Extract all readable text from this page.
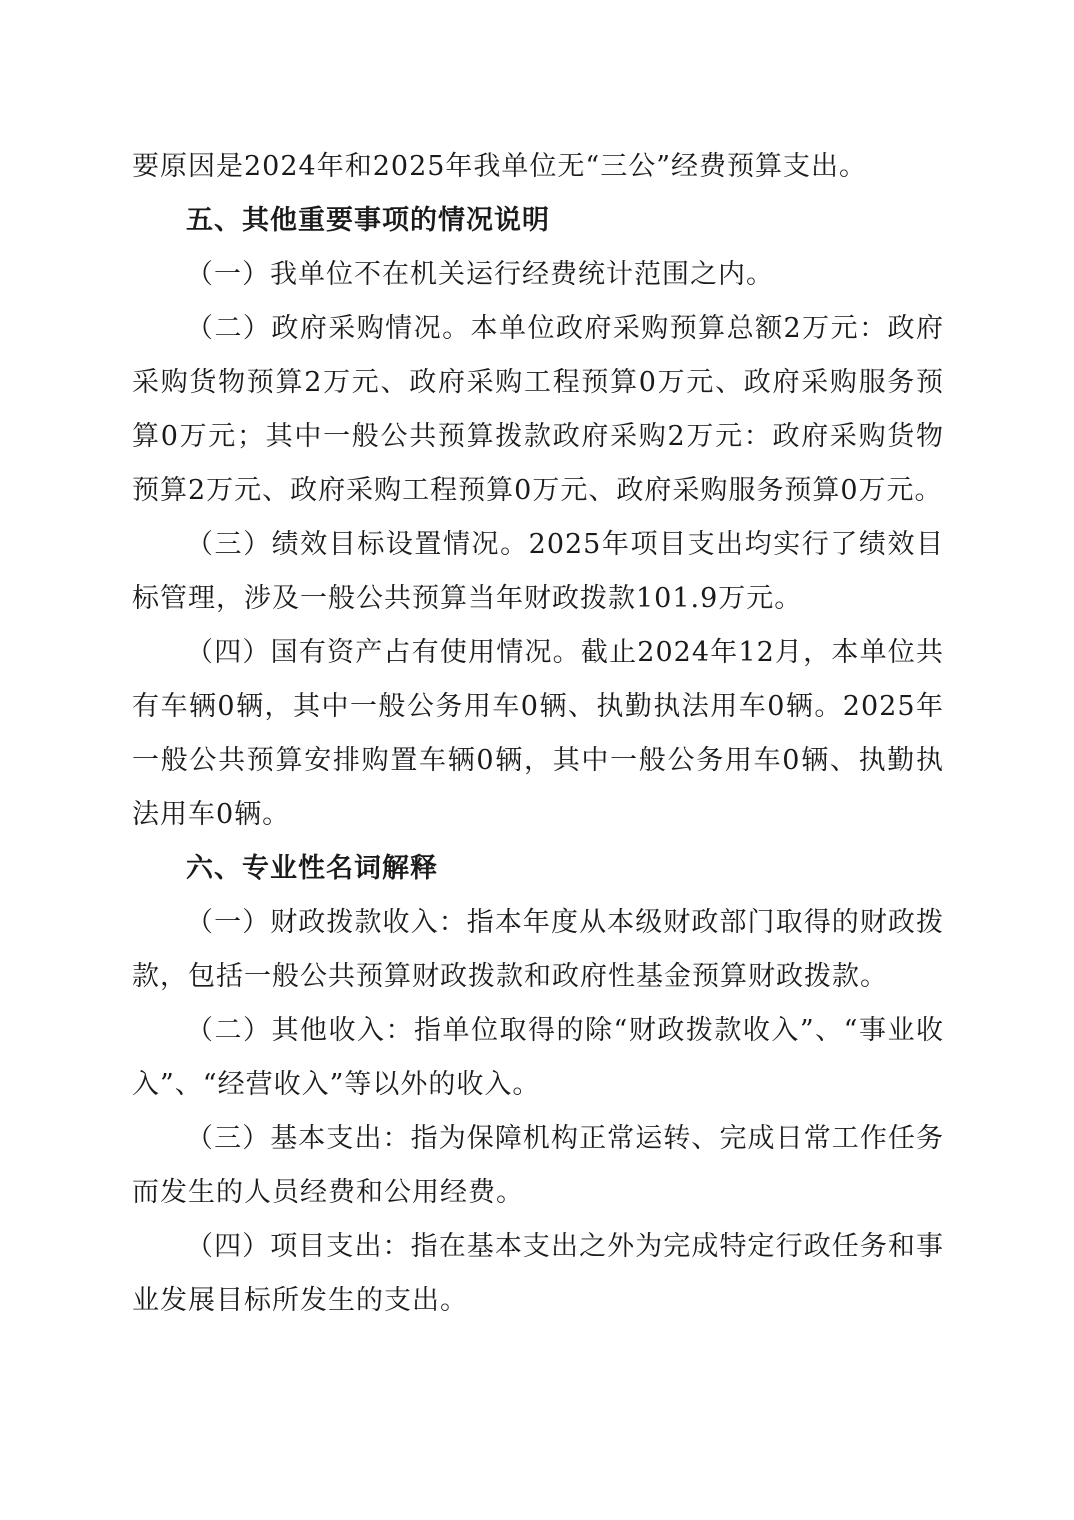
要原因是2024年和2025年我单位无“三公”经费预算支出。

五、其他重要事项的情况说明

（一）我单位不在机关运行经费统计范围之内。

（二）政府采购情况。本单位政府采购预算总额2万元：政府采购货物预算2万元、政府采购工程预算0万元、政府采购服务预算0万元；其中一般公共预算拨款政府采购2万元：政府采购货物预算2万元、政府采购工程预算0万元、政府采购服务预算0万元。

（三）绩效目标设置情况。2025年项目支出均实行了绩效目标管理，涉及一般公共预算当年财政拨款101.9万元。

（四）国有资产占有使用情况。截止2024年12月，本单位共有车辆0辆，其中一般公务用车0辆、执勤执法用车0辆。2025年一般公共预算安排购置车辆0辆，其中一般公务用车0辆、执勤执法用车0辆。

六、专业性名词解释

（一）财政拨款收入：指本年度从本级财政部门取得的财政拨款，包括一般公共预算财政拨款和政府性基金预算财政拨款。

（二）其他收入：指单位取得的除“财政拨款收入”、“事业收入”、“经营收入”等以外的收入。

（三）基本支出：指为保障机构正常运转、完成日常工作任务而发生的人员经费和公用经费。

（四）项目支出：指在基本支出之外为完成特定行政任务和事业发展目标所发生的支出。
